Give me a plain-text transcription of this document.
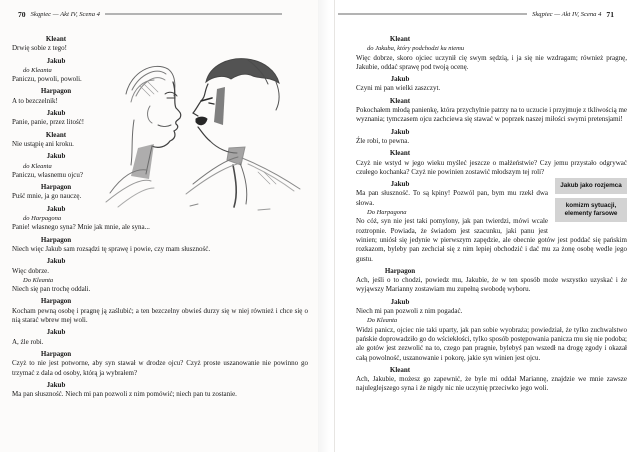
70 Skąpiec — Akt IV, Scena 4	Skąpiec — Akt IV, Scena 4 71
Kleant
Drwię sobie z tego!
Jakub
do Kleanta
Paniczu, powoli, powoli.
Harpagon
A to bezczelnik!
Jakub
Panie, panie, przez litość!
Kleant
Nie ustąpię ani kroku.
Jakub
do Kleanta
Paniczu, własnemu ojcu?
Harpagon
Puść mnie, ja go nauczę.
Jakub
do Harpagona
Panie! własnego syna? Mnie jak mnie, ale syna...
Harpagon
Niech więc Jakub sam rozsądzi tę sprawę i powie, czy mam słuszność.
Jakub
Więc dobrze.
Do Kleanta
Niech się pan trochę oddali.
Harpagon
Kocham pewną osobę i pragnę ją zaślubić; a ten bezczelny obwieś durzy się w niej również i chce się o nią starać wbrew mej woli.
Jakub
A, źle robi.
Harpagon
Czyż to nie jest potworne, aby syn stawał w drodze ojcu? Czyż proste uszanowanie nie powinno go trzymać z dala od osoby, którą ja wybrałem?
Jakub
Ma pan słuszność. Niech mi pan pozwoli z nim pomówić; niech pan tu zostanie.
Kleant
do Jakuba, który podchodzi ku niemu
Więc dobrze, skoro ojciec uczynił cię swym sędzią, i ja się nie wzdragam; również pragnę, Jakubie, oddać sprawę pod twoją ocenę.
Jakub
Czyni mi pan wielki zaszczyt.
Kleant
Pokochałem młodą panienkę, która przychylnie patrzy na to uczucie i przyjmuje z tkliwością me wyznania; tymczasem ojcu zachciewa się stawać w poprzek naszej miłości swymi pretensjami!
Jakub
Źle robi, to pewna.
Kleant
Czyż nie wstyd w jego wieku myśleć jeszcze o małżeństwie? Czy jemu przystało odgrywać czułego kochanka? Czyż nie powinien zostawić młodszym tej roli?
Jakub jako rozjemca
komizm sytuacji, elementy farsowe
Jakub
Ma pan słuszność. To są kpiny! Pozwól pan, bym mu rzekł dwa słowa.
Do Harpagona
No cóż, syn nie jest taki pomylony, jak pan twierdzi, mówi wcale roztropnie. Powiada, że świadom jest szacunku, jaki panu jest winien; uniósł się jedynie w pierwszym zapędzie, ale obecnie gotów jest poddać się pańskim rozkazom, byleby pan zechciał się z nim lepiej obchodzić i dać mu za żonę osobę wedle jego gustu.
Harpagon
Ach, jeśli o to chodzi, powiedz mu, Jakubie, że w ten sposób może wszystko uzyskać i że wyjąwszy Marianny zostawiam mu zupełną swobodę wyboru.
Jakub
Niech mi pan pozwoli z nim pogadać.
Do Kleanta
Widzi panicz, ojciec nie taki uparty, jak pan sobie wyobraża; powiedział, że tylko zuchwalstwo pańskie doprowadziło go do wściekłości, tylko sposób postępowania panicza mu się nie podoba; ale gotów jest zezwolić na to, czego pan pragnie, bylebyś pan wszedł na drogę zgody i okazał całą powolność, uszanowanie i pokorę, jakie syn winien jest ojcu.
Kleant
Ach, Jakubie, możesz go zapewnić, że byle mi oddał Mariannę, znajdzie we mnie zawsze najuleglejszego syna i że nigdy nic nie uczynię przeciwko jego woli.
